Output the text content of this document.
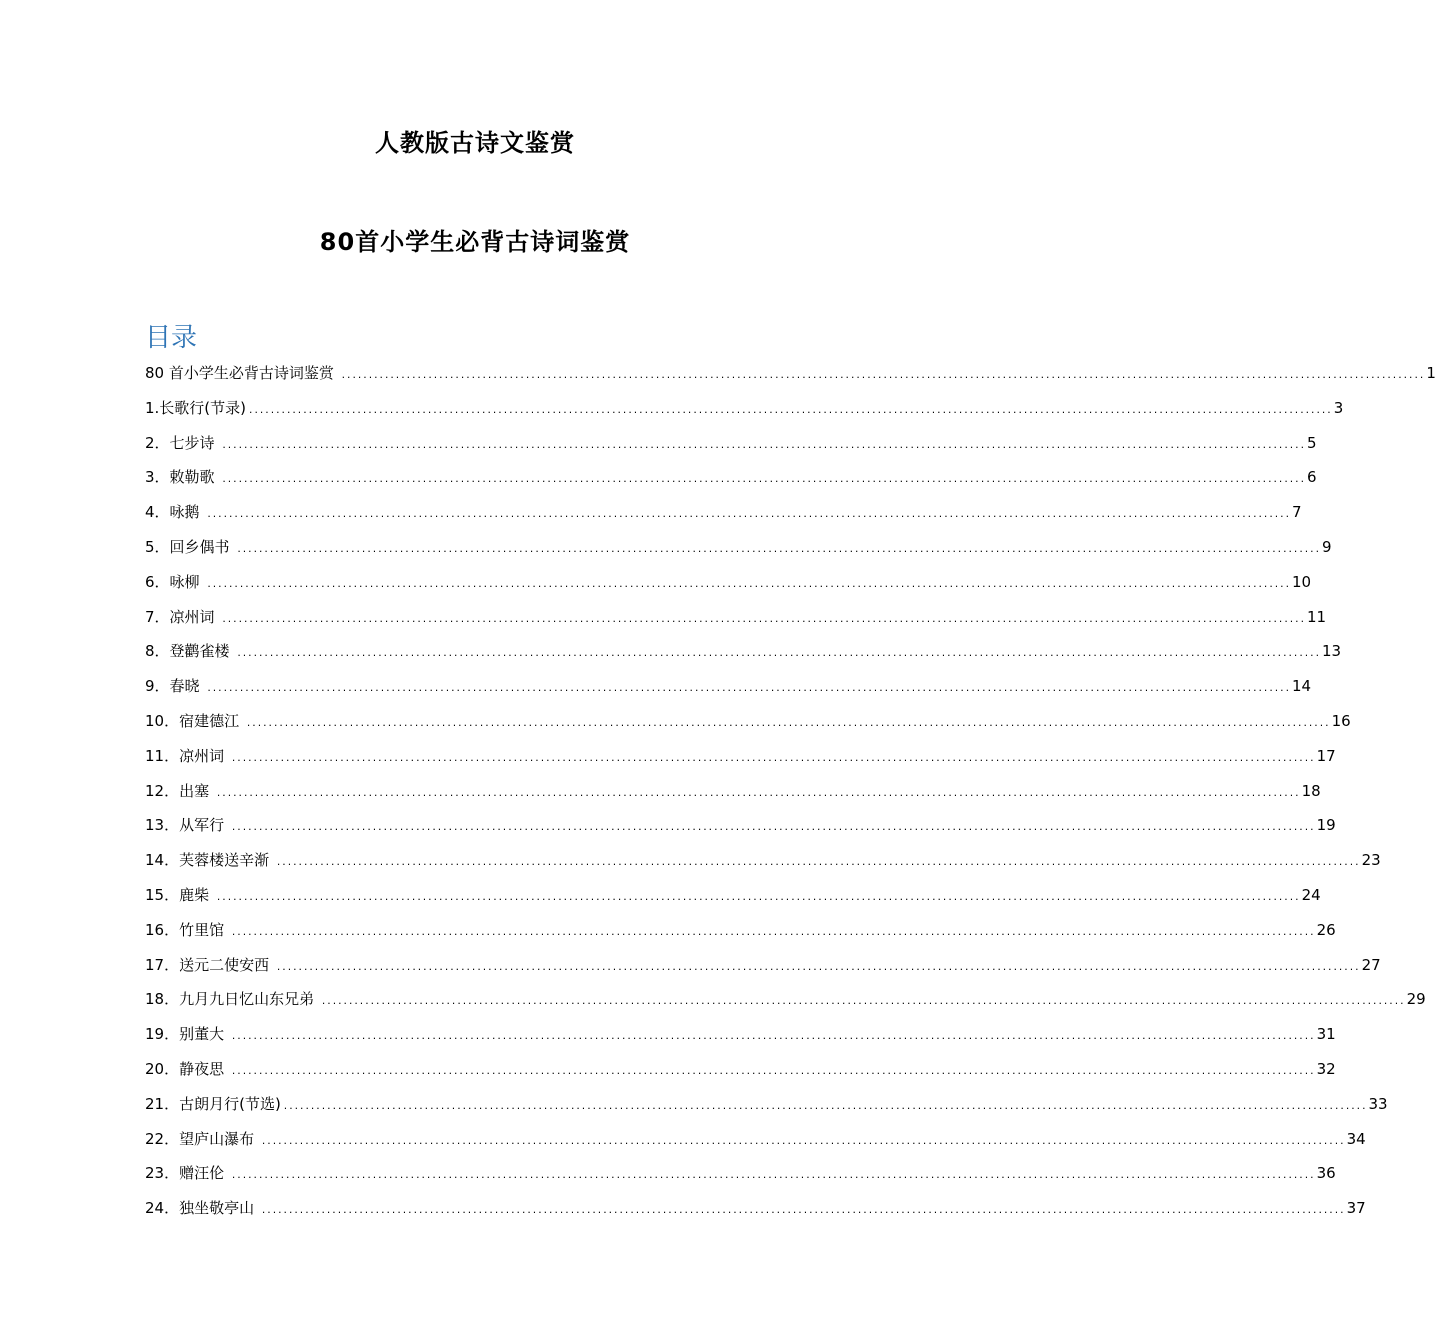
人教版古诗文鉴赏
80首小学生必背古诗词鉴赏
目录
80 首小学生必背古诗词鉴赏 ........................................................................................................................................................................................................ 1
1.长歌行(节录) ........................................................................................................................................................................................................ 3
2．七步诗 ........................................................................................................................................................................................................ 5
3．敕勒歌 ........................................................................................................................................................................................................ 6
4．咏鹅 ........................................................................................................................................................................................................ 7
5．回乡偶书 ........................................................................................................................................................................................................ 9
6．咏柳 ........................................................................................................................................................................................................ 10
7．凉州词 ........................................................................................................................................................................................................ 11
8．登鹳雀楼 ........................................................................................................................................................................................................ 13
9．春晓 ........................................................................................................................................................................................................ 14
10．宿建德江 ........................................................................................................................................................................................................ 16
11．凉州词 ........................................................................................................................................................................................................ 17
12．出塞 ........................................................................................................................................................................................................ 18
13．从军行 ........................................................................................................................................................................................................ 19
14．芙蓉楼送辛渐 ........................................................................................................................................................................................................ 23
15．鹿柴 ........................................................................................................................................................................................................ 24
16．竹里馆 ........................................................................................................................................................................................................ 26
17．送元二使安西 ........................................................................................................................................................................................................ 27
18．九月九日忆山东兄弟 ........................................................................................................................................................................................................ 29
19．别董大 ........................................................................................................................................................................................................ 31
20．静夜思 ........................................................................................................................................................................................................ 32
21．古朗月行(节选) ........................................................................................................................................................................................................ 33
22．望庐山瀑布 ........................................................................................................................................................................................................ 34
23．赠汪伦 ........................................................................................................................................................................................................ 36
24．独坐敬亭山 ........................................................................................................................................................................................................ 37
